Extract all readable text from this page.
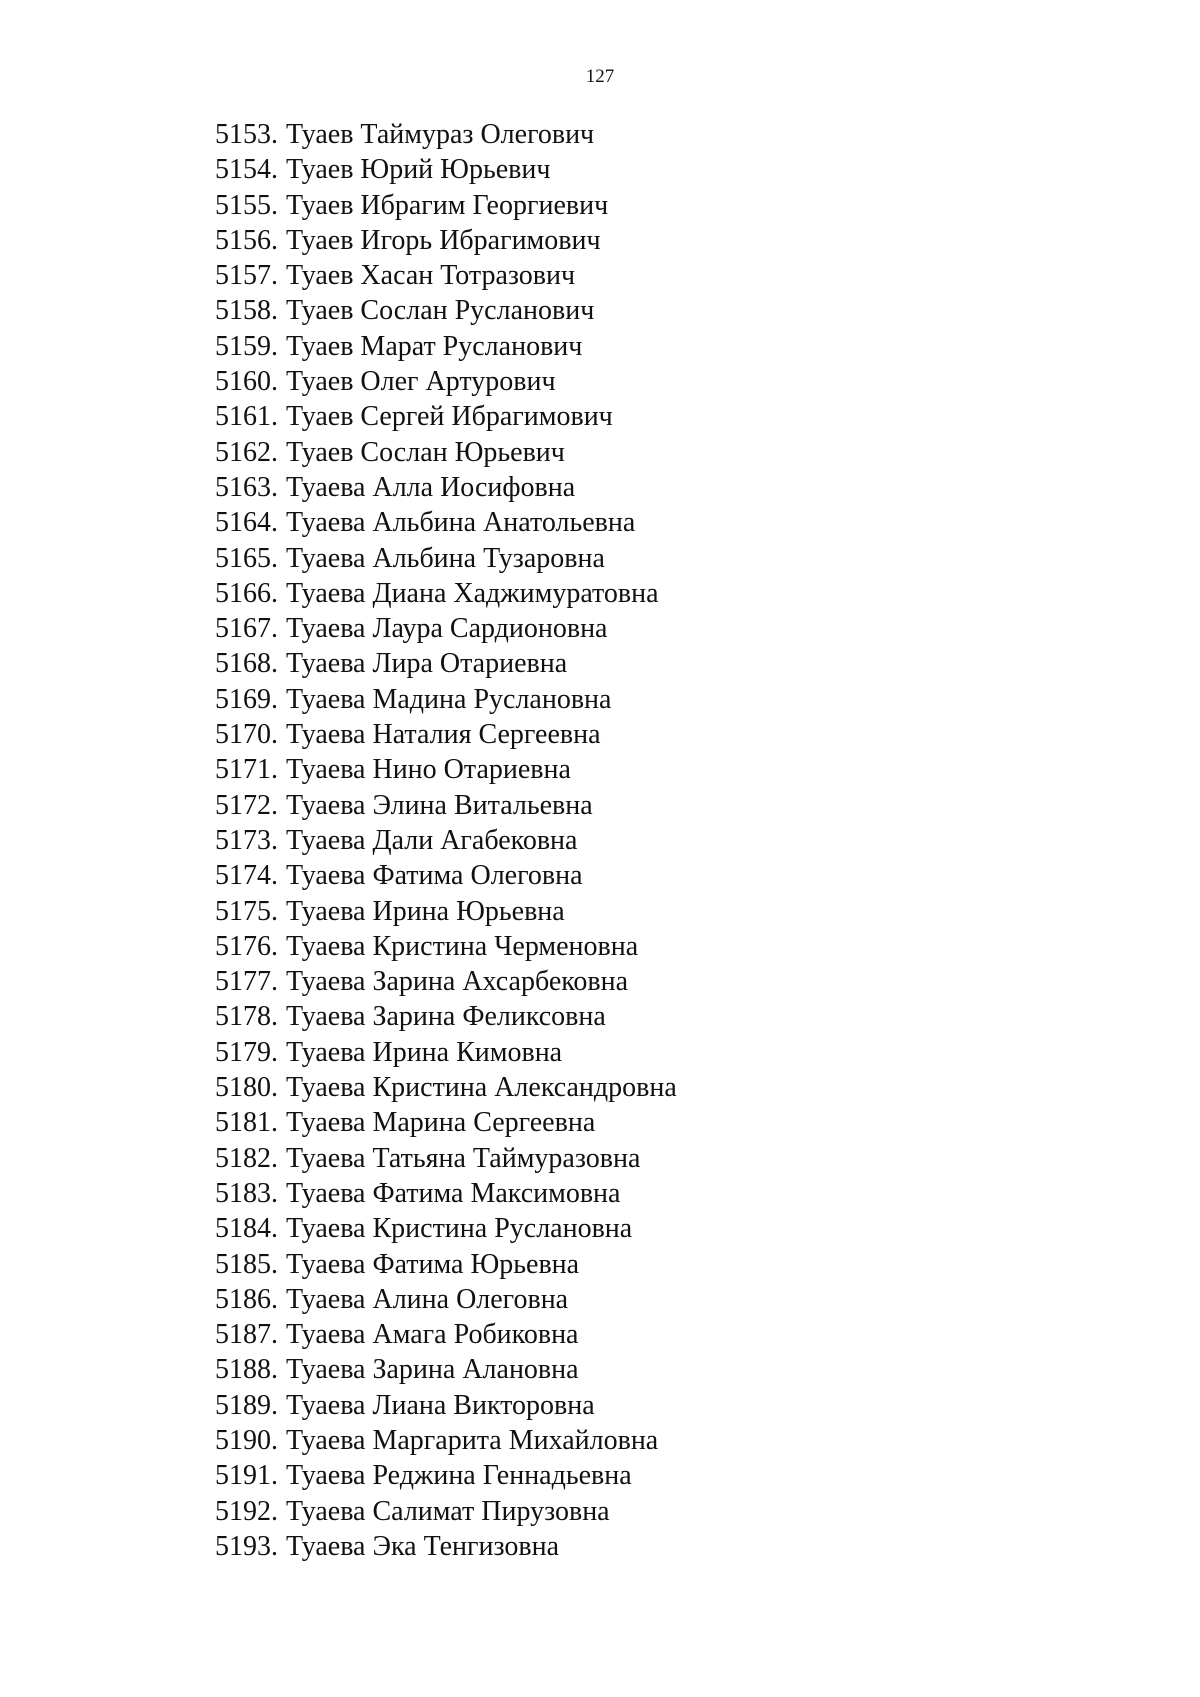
127
5153. Туаев Таймураз Олегович
5154. Туаев Юрий Юрьевич
5155. Туаев Ибрагим Георгиевич
5156. Туаев Игорь Ибрагимович
5157. Туаев Хасан Тотразович
5158. Туаев Сослан Русланович
5159. Туаев Марат Русланович
5160. Туаев Олег Артурович
5161. Туаев Сергей Ибрагимович
5162. Туаев Сослан Юрьевич
5163. Туаева Алла Иосифовна
5164. Туаева Альбина Анатольевна
5165. Туаева Альбина Тузаровна
5166. Туаева Диана Хаджимуратовна
5167. Туаева Лаура Сардионовна
5168. Туаева Лира Отариевна
5169. Туаева Мадина Руслановна
5170. Туаева Наталия Сергеевна
5171. Туаева Нино Отариевна
5172. Туаева Элина Витальевна
5173. Туаева Дали Агабековна
5174. Туаева Фатима Олеговна
5175. Туаева Ирина Юрьевна
5176. Туаева Кристина Черменовна
5177. Туаева Зарина Ахсарбековна
5178. Туаева Зарина Феликсовна
5179. Туаева Ирина Кимовна
5180. Туаева Кристина Александровна
5181. Туаева Марина Сергеевна
5182. Туаева Татьяна Таймуразовна
5183. Туаева Фатима Максимовна
5184. Туаева Кристина Руслановна
5185. Туаева Фатима Юрьевна
5186. Туаева Алина Олеговна
5187. Туаева Амага Робиковна
5188. Туаева Зарина Алановна
5189. Туаева Лиана Викторовна
5190. Туаева Маргарита Михайловна
5191. Туаева Реджина Геннадьевна
5192. Туаева Салимат Пирузовна
5193. Туаева Эка Тенгизовна
